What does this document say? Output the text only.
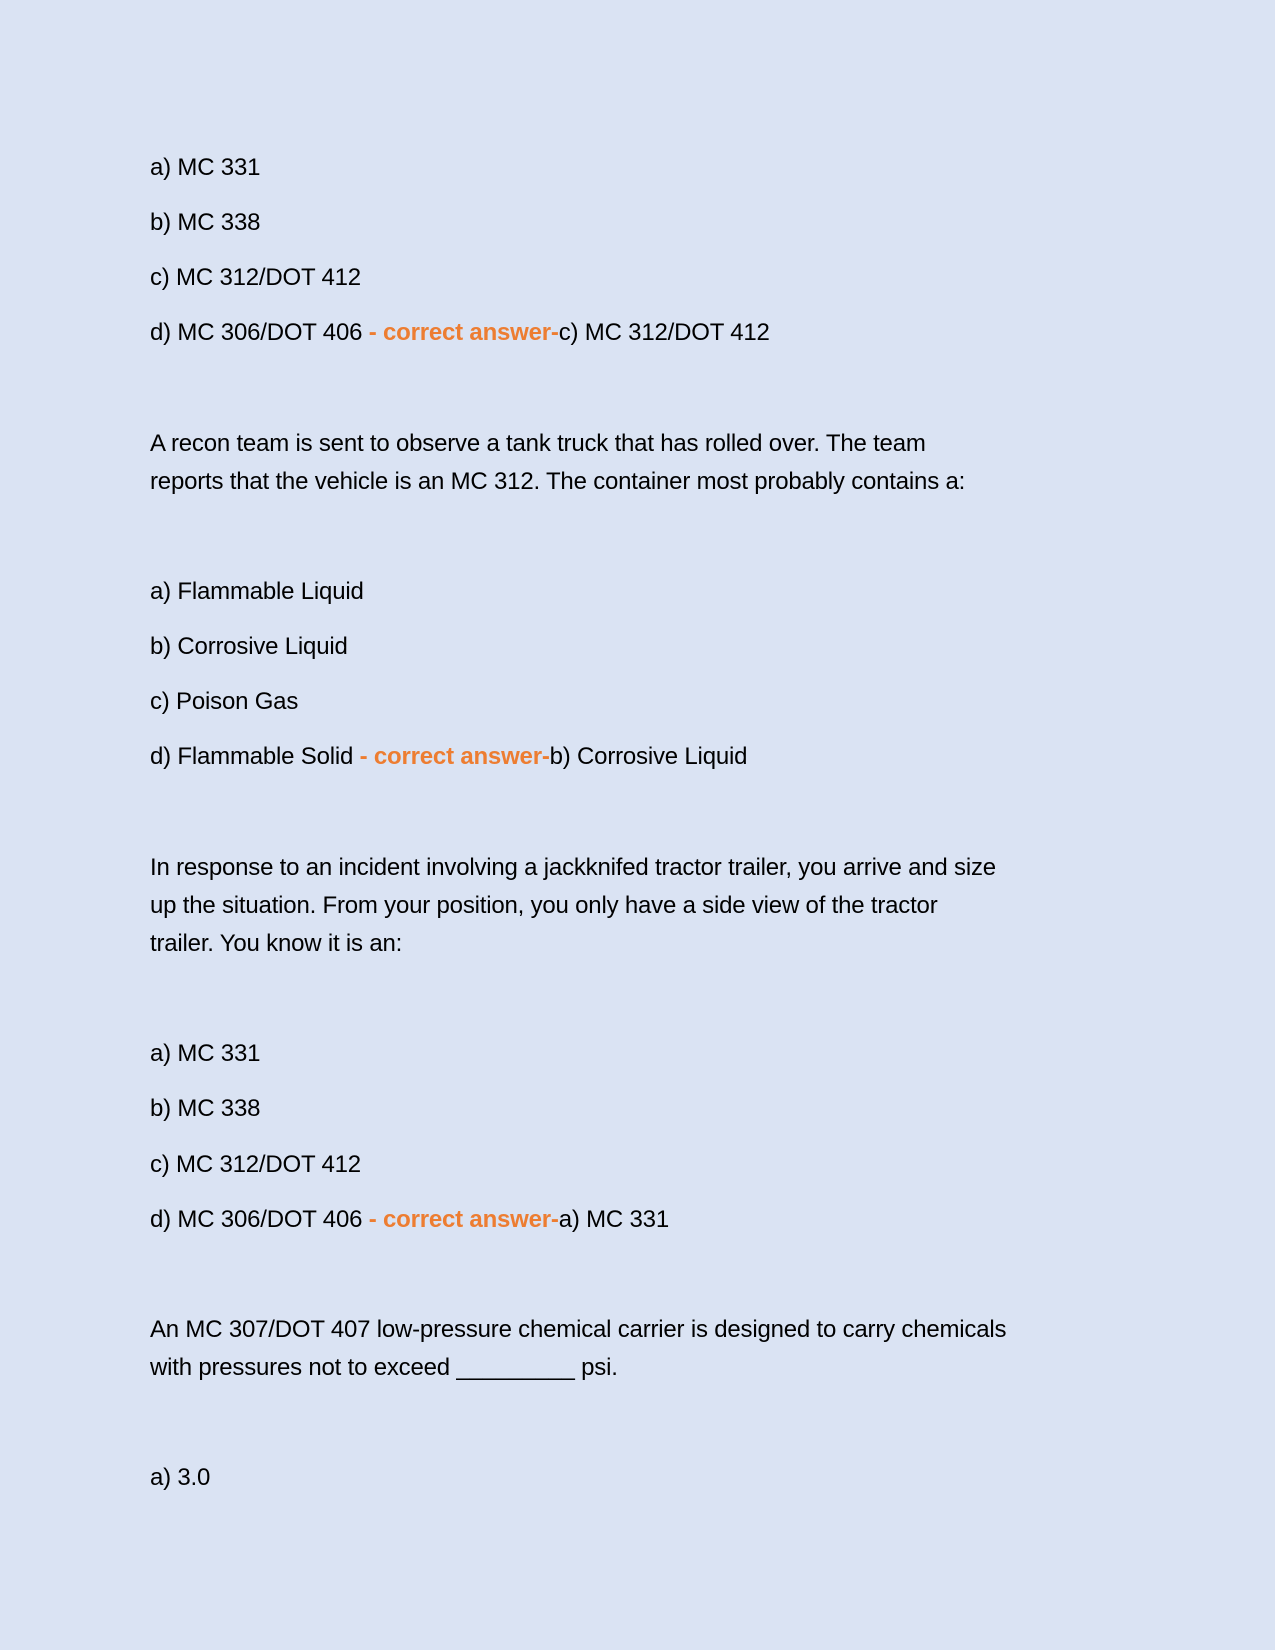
a) MC 331
b) MC 338
c) MC 312/DOT 412
d) MC 306/DOT 406 - correct answer-c) MC 312/DOT 412
A recon team is sent to observe a tank truck that has rolled over. The team
reports that the vehicle is an MC 312. The container most probably contains a:
a) Flammable Liquid
b) Corrosive Liquid
c) Poison Gas
d) Flammable Solid - correct answer-b) Corrosive Liquid
In response to an incident involving a jackknifed tractor trailer, you arrive and size
up the situation. From your position, you only have a side view of the tractor
trailer. You know it is an:
a) MC 331
b) MC 338
c) MC 312/DOT 412
d) MC 306/DOT 406 - correct answer-a) MC 331
An MC 307/DOT 407 low-pressure chemical carrier is designed to carry chemicals
with pressures not to exceed _________ psi.
a) 3.0
